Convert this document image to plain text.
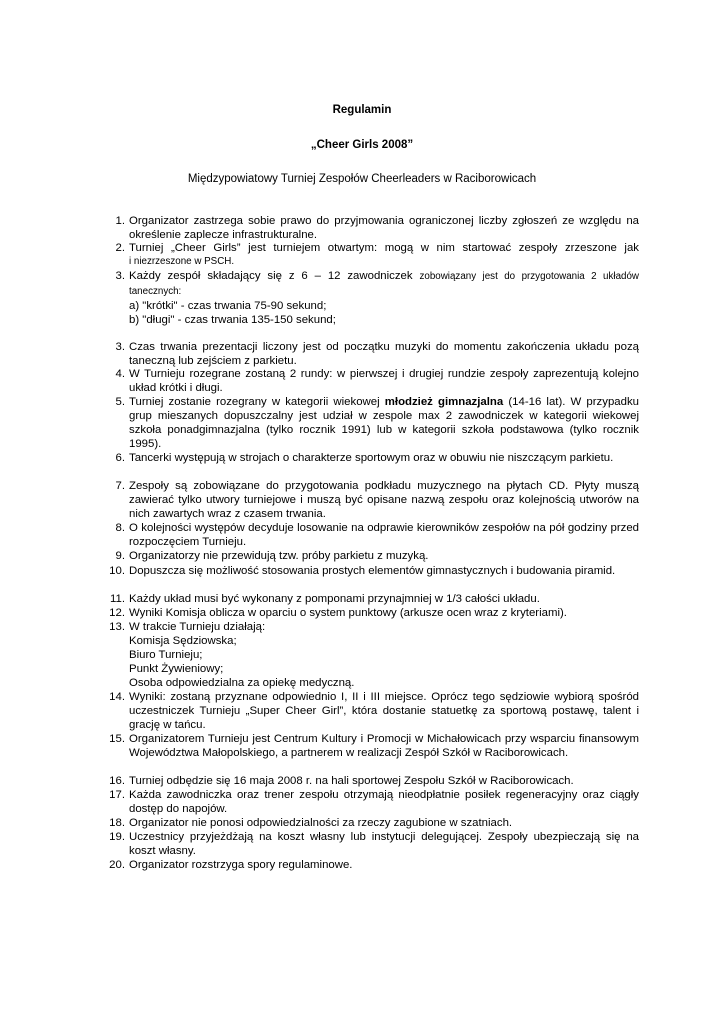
Regulamin
„Cheer Girls 2008”
Międzypowiatowy Turniej Zespołów Cheerleaders w Raciborowicach
1. Organizator zastrzega sobie prawo do przyjmowania ograniczonej liczby zgłoszeń ze względu na określenie zaplecze infrastrukturalne.
2. Turniej „Cheer Girls” jest turniejem otwartym: mogą w nim startować zespoły zrzeszone jak
i niezrzeszone w PSCH.
3. Każdy zespół składający się z 6 – 12 zawodniczek zobowiązany jest do przygotowania 2 układów tanecznych:
a) "krótki" - czas trwania 75-90 sekund;
b) "długi" - czas trwania 135-150 sekund;
3. Czas trwania prezentacji liczony jest od początku muzyki do momentu zakończenia układu pozą taneczną lub zejściem z parkietu.
4. W Turnieju rozegrane zostaną 2 rundy: w pierwszej i drugiej rundzie zespoły zaprezentują kolejno układ krótki i długi.
5. Turniej zostanie rozegrany w kategorii wiekowej młodzież gimnazjalna (14-16 lat). W przypadku grup mieszanych dopuszczalny jest udział w zespole max 2 zawodniczek w kategorii wiekowej szkoła ponadgimnazjalna (tylko rocznik 1991) lub w kategorii szkoła podstawowa (tylko rocznik 1995).
6. Tancerki występują w strojach o charakterze sportowym oraz w obuwiu nie niszczącym parkietu.
7. Zespoły są zobowiązane do przygotowania podkładu muzycznego na płytach CD. Płyty muszą zawierać tylko utwory turniejowe i muszą być opisane nazwą zespołu oraz kolejnością utworów na nich zawartych wraz z czasem trwania.
8. O kolejności występów decyduje losowanie na odprawie kierowników zespołów na pół godziny przed rozpoczęciem Turnieju.
9. Organizatorzy nie przewidują tzw. próby parkietu z muzyką.
10. Dopuszcza się możliwość stosowania prostych elementów gimnastycznych i budowania piramid.
11. Każdy układ musi być wykonany z pomponami przynajmniej w 1/3 całości układu.
12. Wyniki Komisja oblicza w oparciu o system punktowy (arkusze ocen wraz z kryteriami).
13. W trakcie Turnieju działają:
Komisja Sędziowska;
Biuro Turnieju;
Punkt Żywieniowy;
Osoba odpowiedzialna za opiekę medyczną.
14. Wyniki: zostaną przyznane odpowiednio I, II i III miejsce. Oprócz tego sędziowie wybiorą spośród uczestniczek Turnieju „Super Cheer Girl”, która dostanie statuetkę za sportową postawę, talent i grację w tańcu.
15. Organizatorem Turnieju jest Centrum Kultury i Promocji w Michałowicach przy wsparciu finansowym Województwa Małopolskiego, a partnerem w realizacji Zespół Szkół w Raciborowicach.
16. Turniej odbędzie się 16 maja 2008 r. na hali sportowej Zespołu Szkół w Raciborowicach.
17. Każda zawodniczka oraz trener zespołu otrzymają nieodpłatnie posiłek regeneracyjny oraz ciągły dostęp do napojów.
18. Organizator nie ponosi odpowiedzialności za rzeczy zagubione w szatniach.
19. Uczestnicy przyjeżdżają na koszt własny lub instytucji delegującej. Zespoły ubezpieczają się na koszt własny.
20. Organizator rozstrzyga spory regulaminowe.
